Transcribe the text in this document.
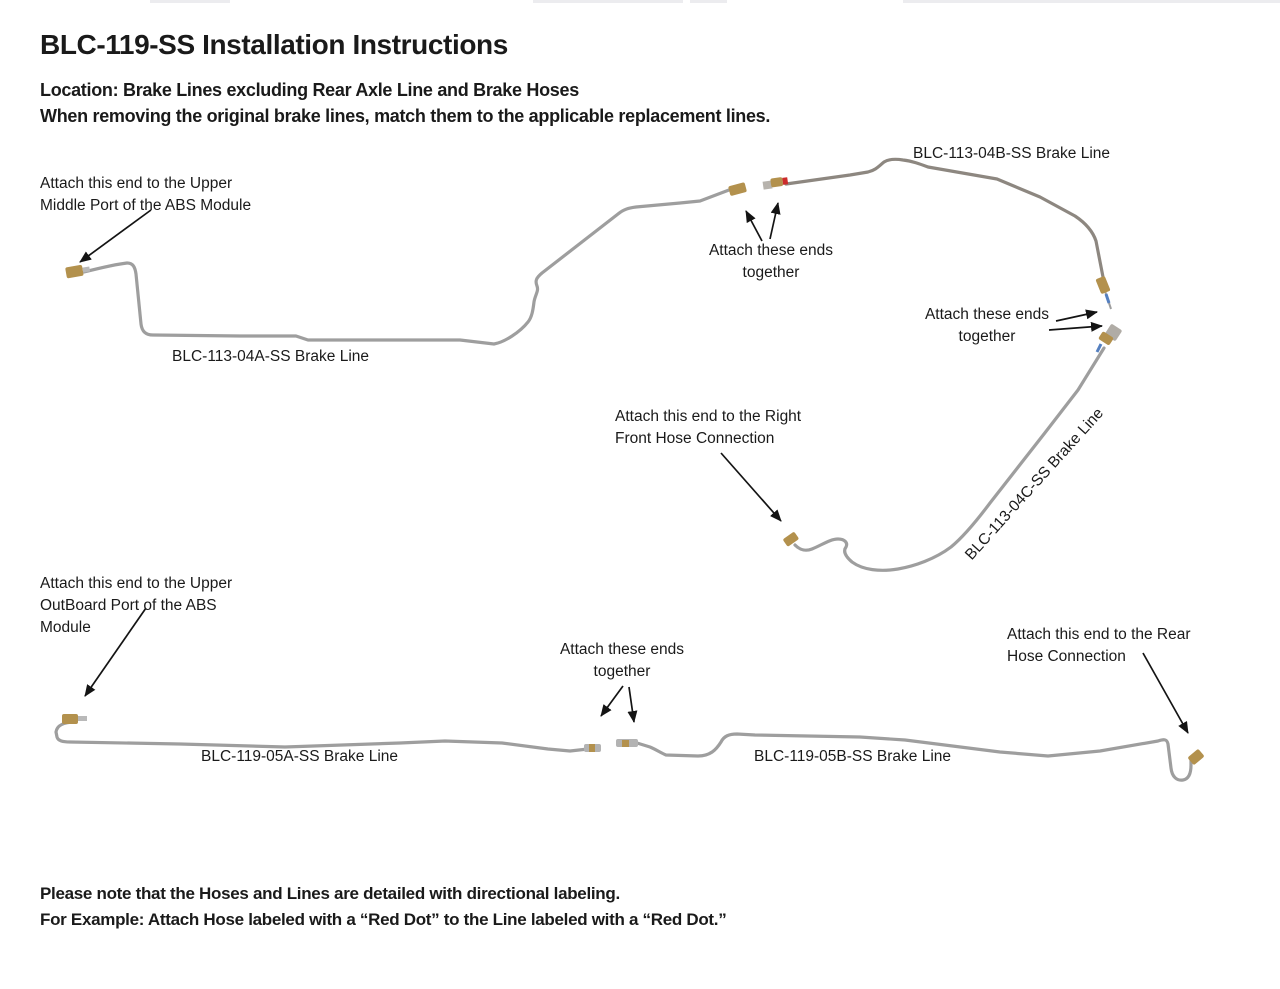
BLC-119-SS Installation Instructions
Location: Brake Lines excluding Rear Axle Line and Brake Hoses
When removing the original brake lines, match them to the applicable replacement lines.
Attach this end to the Upper
Middle Port of the ABS Module
Attach these ends
together
Attach these ends
together
Attach this end to the Right
Front Hose Connection
Attach this end to the Upper
OutBoard Port of the ABS
Module
Attach these ends
together
Attach this end to the Rear
Hose Connection
BLC-113-04A-SS Brake Line
BLC-113-04B-SS Brake Line
BLC-113-04C-SS Brake Line
BLC-119-05A-SS Brake Line	BLC-119-05B-SS Brake Line
Please note that the Hoses and Lines are detailed with directional labeling.
For Example: Attach Hose labeled with a “Red Dot” to the Line labeled with a “Red Dot.”
